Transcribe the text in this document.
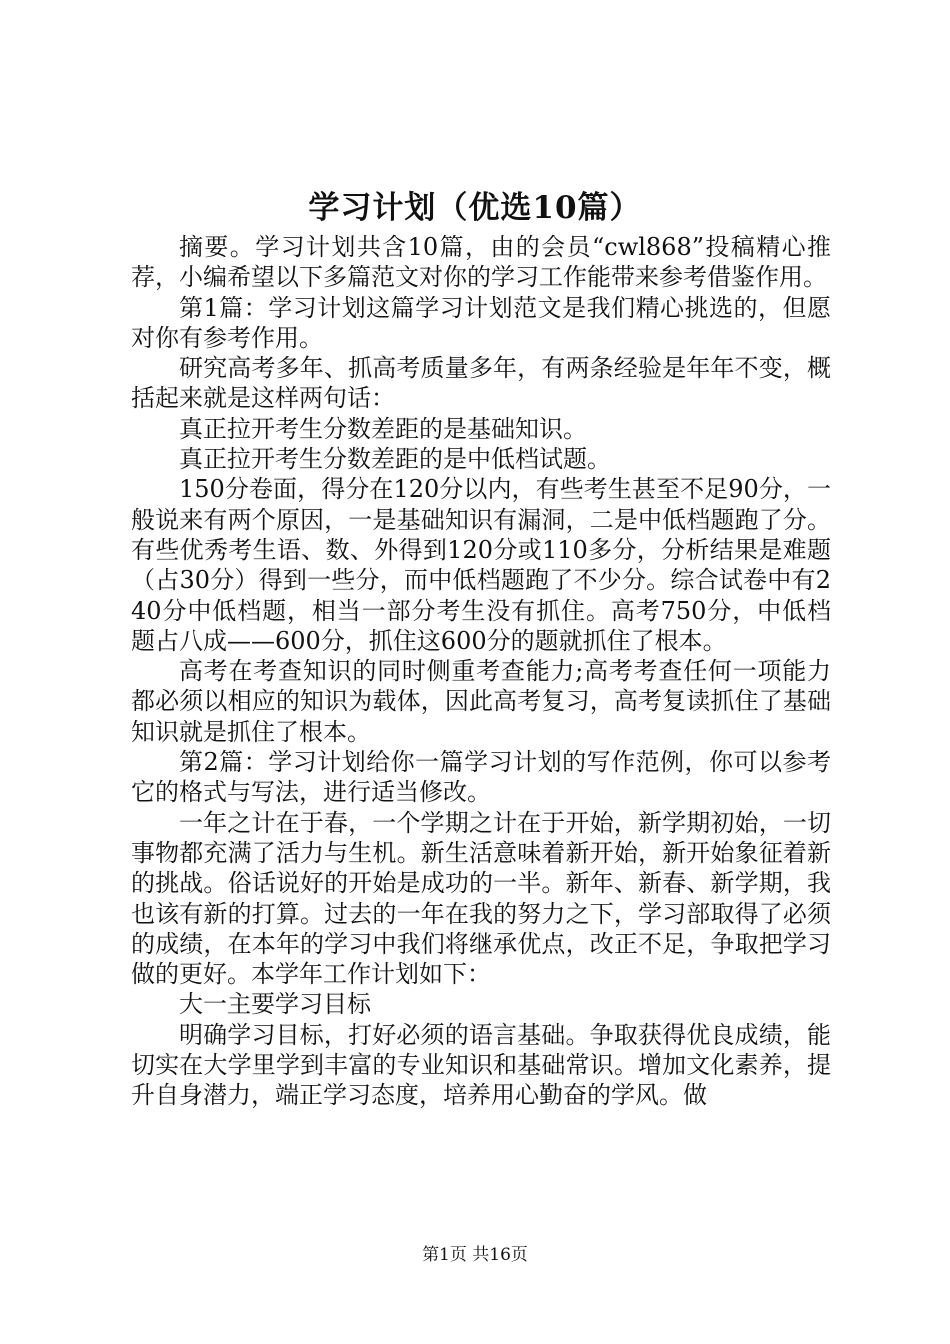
学习计划（优选10篇）

摘要。学习计划共含10篇，由的会员“cwl868”投稿精心推荐，小编希望以下多篇范文对你的学习工作能带来参考借鉴作用。

第1篇：学习计划这篇学习计划范文是我们精心挑选的，但愿对你有参考作用。

研究高考多年、抓高考质量多年，有两条经验是年年不变，概括起来就是这样两句话：

真正拉开考生分数差距的是基础知识。

真正拉开考生分数差距的是中低档试题。

150分卷面，得分在120分以内，有些考生甚至不足90分，一般说来有两个原因，一是基础知识有漏洞，二是中低档题跑了分。有些优秀考生语、数、外得到120分或110多分，分析结果是难题（占30分）得到一些分，而中低档题跑了不少分。综合试卷中有240分中低档题，相当一部分考生没有抓住。高考750分，中低档题占八成——600分，抓住这600分的题就抓住了根本。

高考在考查知识的同时侧重考查能力;高考考查任何一项能力都必须以相应的知识为载体，因此高考复习，高考复读抓住了基础知识就是抓住了根本。

第2篇：学习计划给你一篇学习计划的写作范例，你可以参考它的格式与写法，进行适当修改。

一年之计在于春，一个学期之计在于开始，新学期初始，一切事物都充满了活力与生机。新生活意味着新开始，新开始象征着新的挑战。俗话说好的开始是成功的一半。新年、新春、新学期，我也该有新的打算。过去的一年在我的努力之下，学习部取得了必须的成绩，在本年的学习中我们将继承优点，改正不足，争取把学习做的更好。本学年工作计划如下：

大一主要学习目标

明确学习目标，打好必须的语言基础。争取获得优良成绩，能切实在大学里学到丰富的专业知识和基础常识。增加文化素养，提升自身潜力，端正学习态度，培养用心勤奋的学风。做

第1页 共16页
